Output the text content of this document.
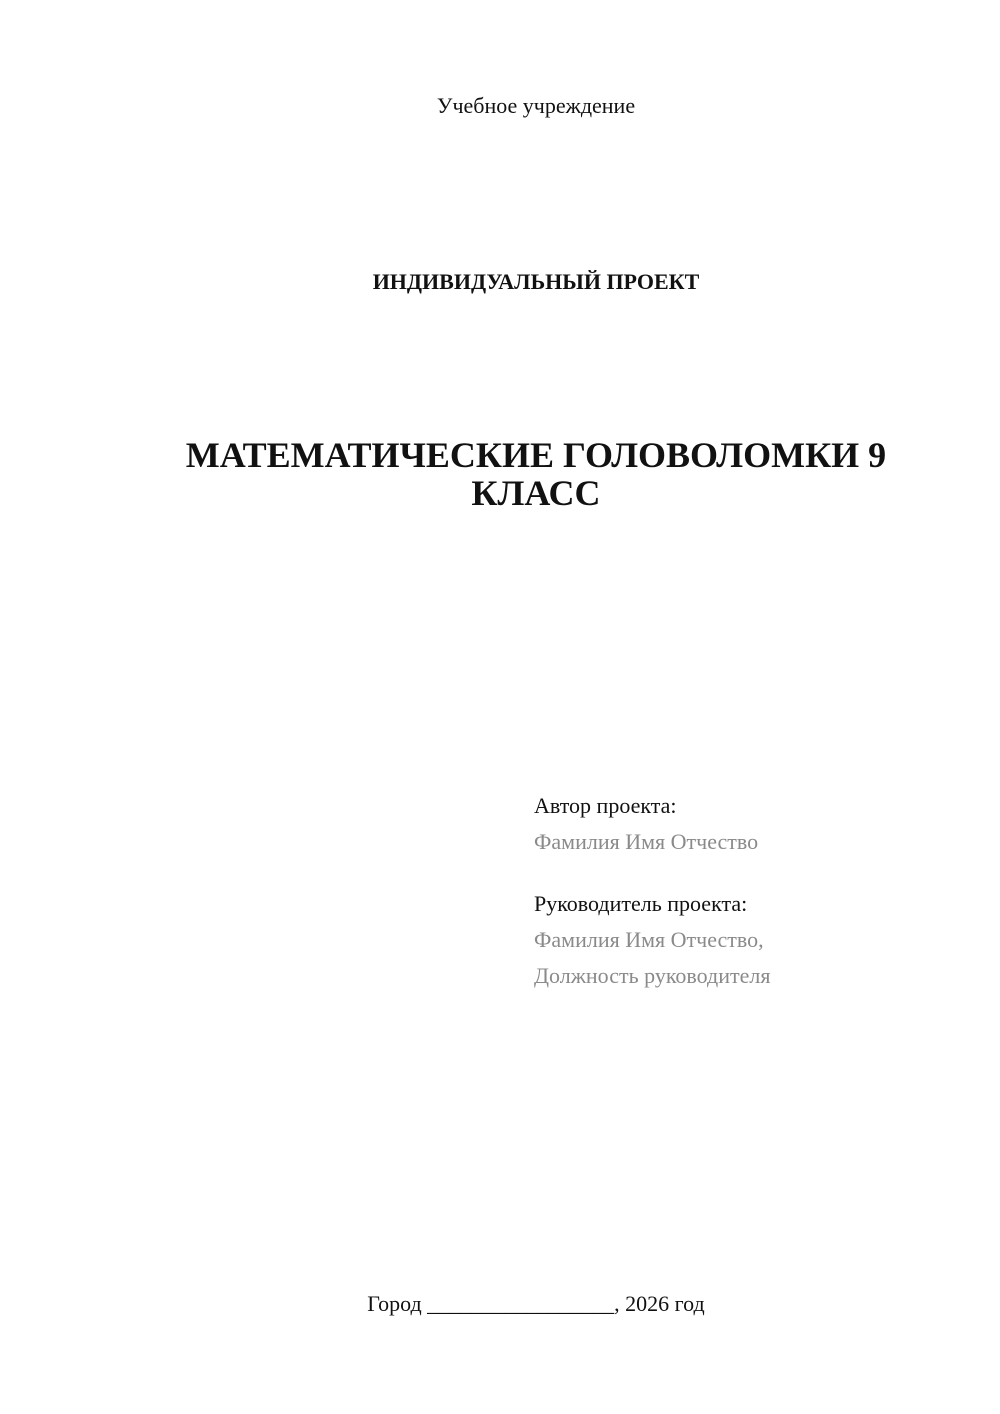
Учебное учреждение
ИНДИВИДУАЛЬНЫЙ ПРОЕКТ
МАТЕМАТИЧЕСКИЕ ГОЛОВОЛОМКИ 9 КЛАСС
Автор проекта:
Фамилия Имя Отчество
Руководитель проекта:
Фамилия Имя Отчество,
Должность руководителя
Город _________________, 2026 год
